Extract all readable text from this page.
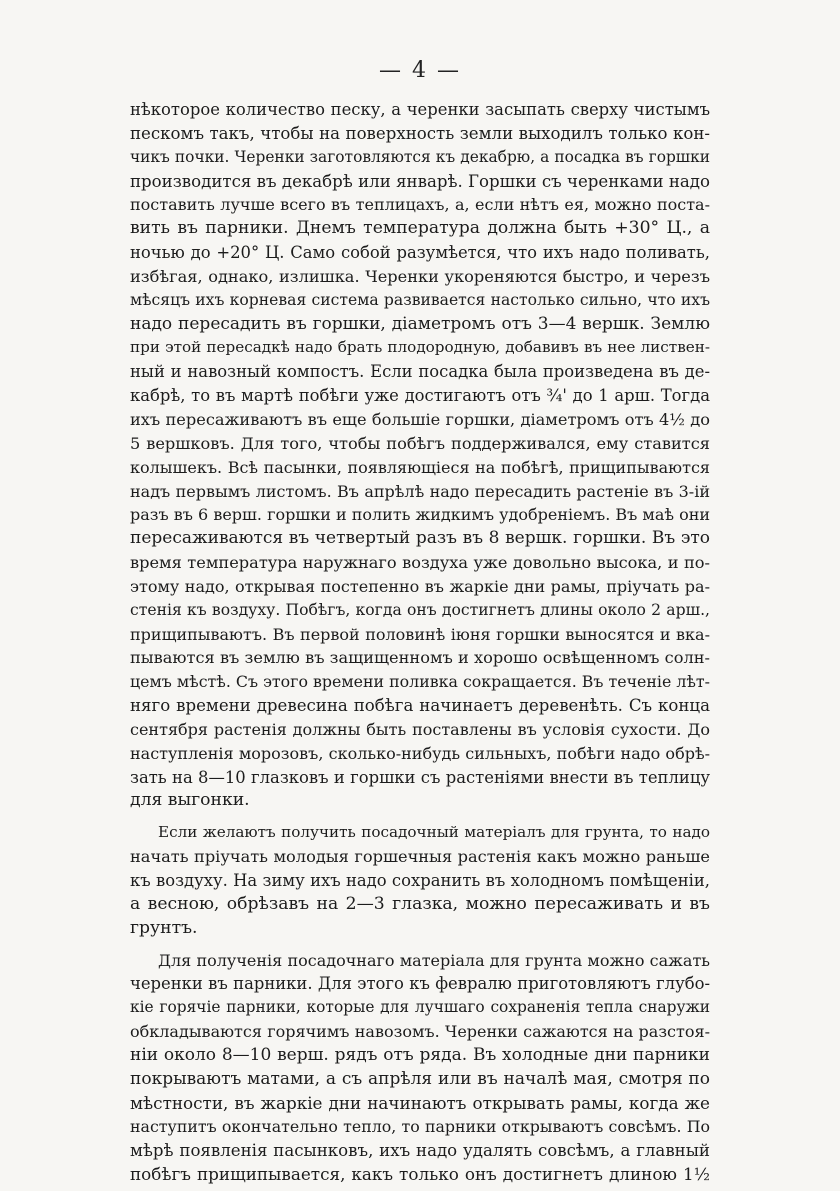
— 4 —
нѣкоторое количество песку, а черенки засыпать сверху чистымъ
пескомъ такъ, чтобы на поверхность земли выходилъ только кон-
чикъ почки. Черенки заготовляются къ декабрю, а посадка въ горшки
производится въ декабрѣ или январѣ. Горшки съ черенками надо
поставить лучше всего въ теплицахъ, а, если нѣтъ ея, можно поста-
вить въ парники. Днемъ температура должна быть +30° Ц., а
ночью до +20° Ц. Само собой разумѣется, что ихъ надо поливать,
избѣгая, однако, излишка. Черенки укореняются быстро, и черезъ
мѣсяцъ ихъ корневая система развивается настолько сильно, что ихъ
надо пересадить въ горшки, діаметромъ отъ 3—4 вершк. Землю
при этой пересадкѣ надо брать плодородную, добавивъ въ нее листвен-
ный и навозный компостъ. Если посадка была произведена въ де-
кабрѣ, то въ мартѣ побѣги уже достигаютъ отъ ¾' до 1 арш. Тогда
ихъ пересаживаютъ въ еще большіе горшки, діаметромъ отъ 4½ до
5 вершковъ. Для того, чтобы побѣгъ поддерживался, ему ставится
колышекъ. Всѣ пасынки, появляющіеся на побѣгѣ, прищипываются
надъ первымъ листомъ. Въ апрѣлѣ надо пересадить растеніе въ 3-ій
разъ въ 6 верш. горшки и полить жидкимъ удобреніемъ. Въ маѣ они
пересаживаются въ четвертый разъ въ 8 вершк. горшки. Въ это
время температура наружнаго воздуха уже довольно высока, и по-
этому надо, открывая постепенно въ жаркіе дни рамы, пріучать ра-
стенія къ воздуху. Побѣгъ, когда онъ достигнетъ длины около 2 арш.,
прищипываютъ. Въ первой половинѣ іюня горшки выносятся и вка-
пываются въ землю въ защищенномъ и хорошо освѣщенномъ солн-
цемъ мѣстѣ. Съ этого времени поливка сокращается. Въ теченіе лѣт-
няго времени древесина побѣга начинаетъ деревенѣть. Съ конца
сентября растенія должны быть поставлены въ условія сухости. До
наступленія морозовъ, сколько-нибудь сильныхъ, побѣги надо обрѣ-
зать на 8—10 глазковъ и горшки съ растеніями внести въ теплицу
для выгонки.
Если желаютъ получить посадочный матеріалъ для грунта, то надо
начать пріучать молодыя горшечныя растенія какъ можно раньше
къ воздуху. На зиму ихъ надо сохранить въ холодномъ помѣщеніи,
а весною, обрѣзавъ на 2—3 глазка, можно пересаживать и въ
грунтъ.
Для полученія посадочнаго матеріала для грунта можно сажать
черенки въ парники. Для этого къ февралю приготовляютъ глубо-
кіе горячіе парники, которые для лучшаго сохраненія тепла снаружи
обкладываются горячимъ навозомъ. Черенки сажаются на разстоя-
ніи около 8—10 верш. рядъ отъ ряда. Въ холодные дни парники
покрываютъ матами, а съ апрѣля или въ началѣ мая, смотря по
мѣстности, въ жаркіе дни начинаютъ открывать рамы, когда же
наступитъ окончательно тепло, то парники открываютъ совсѣмъ. По
мѣрѣ появленія пасынковъ, ихъ надо удалять совсѣмъ, а главный
побѣгъ прищипывается, какъ только онъ достигнетъ длиною 1½
